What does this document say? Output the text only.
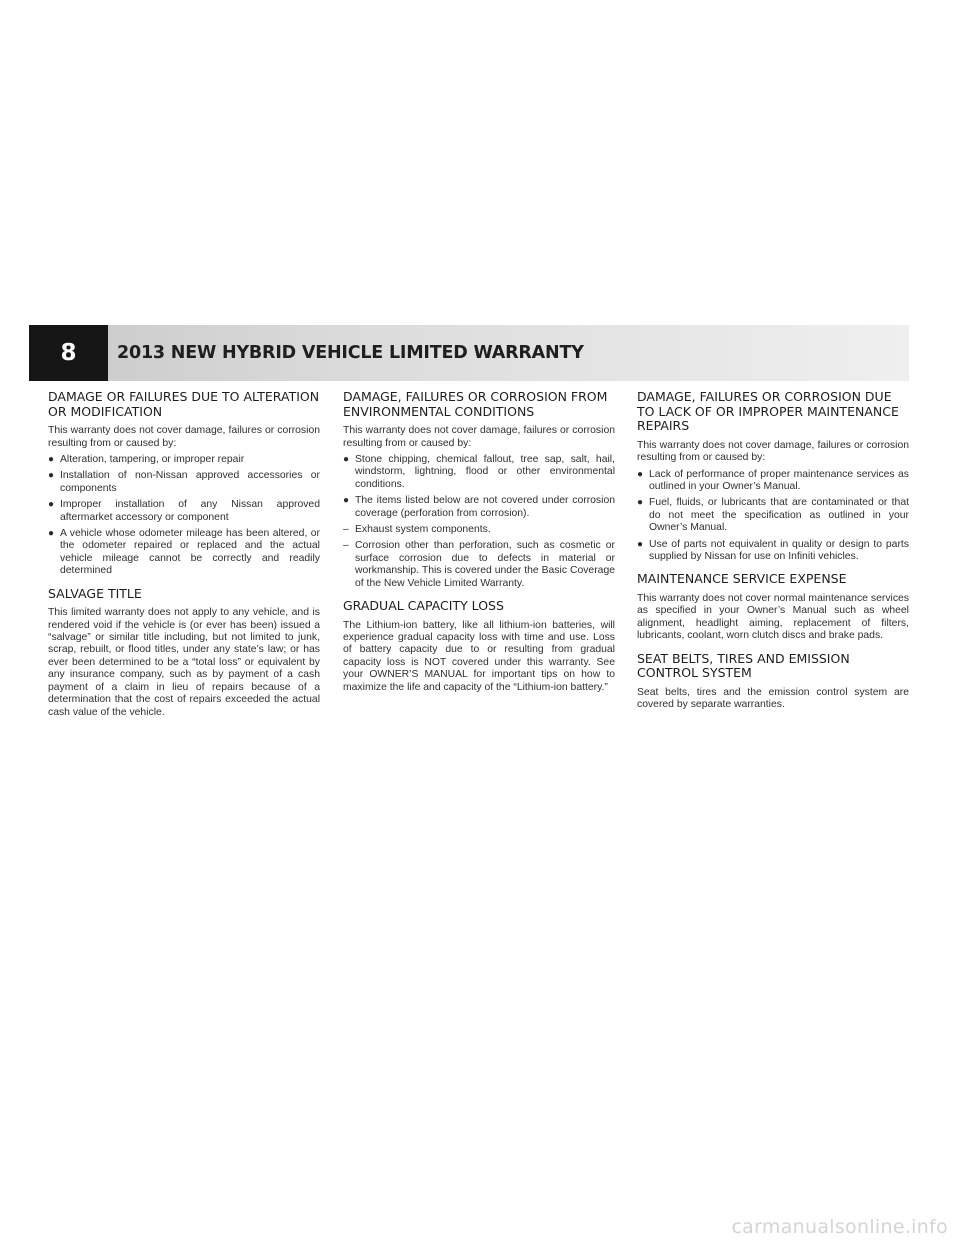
8	2013 NEW HYBRID VEHICLE LIMITED WARRANTY
DAMAGE OR FAILURES DUE TO ALTERATION OR MODIFICATION

This warranty does not cover damage, failures or corrosion resulting from or caused by:

● Alteration, tampering, or improper repair
● Installation of non-Nissan approved accessories or components
● Improper installation of any Nissan approved aftermarket accessory or component
● A vehicle whose odometer mileage has been altered, or the odometer repaired or replaced and the actual vehicle mileage cannot be correctly and readily determined
SALVAGE TITLE

This limited warranty does not apply to any vehicle, and is rendered void if the vehicle is (or ever has been) issued a “salvage” or similar title including, but not limited to junk, scrap, rebuilt, or flood titles, under any state’s law; or has ever been determined to be a “total loss” or equivalent by any insurance company, such as by payment of a cash payment of a claim in lieu of repairs because of a determination that the cost of repairs exceeded the actual cash value of the vehicle.

DAMAGE, FAILURES OR CORROSION FROM ENVIRONMENTAL CONDITIONS

This warranty does not cover damage, failures or corrosion resulting from or caused by:

● Stone chipping, chemical fallout, tree sap, salt, hail, windstorm, lightning, flood or other environmental conditions.
● The items listed below are not covered under corrosion coverage (perforation from corrosion).
– Exhaust system components.
– Corrosion other than perforation, such as cosmetic or surface corrosion due to defects in material or workmanship. This is covered under the Basic Coverage of the New Vehicle Limited Warranty.
GRADUAL CAPACITY LOSS

The Lithium-ion battery, like all lithium-ion batteries, will experience gradual capacity loss with time and use. Loss of battery capacity due to or resulting from gradual capacity loss is NOT covered under this warranty. See your OWNER’S MANUAL for important tips on how to maximize the life and capacity of the “Lithium-ion battery.”

DAMAGE, FAILURES OR CORROSION DUE TO LACK OF OR IMPROPER MAINTENANCE REPAIRS

This warranty does not cover damage, failures or corrosion resulting from or caused by:

● Lack of performance of proper maintenance services as outlined in your Owner’s Manual.
● Fuel, fluids, or lubricants that are contaminated or that do not meet the specification as outlined in your Owner’s Manual.
● Use of parts not equivalent in quality or design to parts supplied by Nissan for use on Infiniti vehicles.
MAINTENANCE SERVICE EXPENSE

This warranty does not cover normal maintenance services as specified in your Owner’s Manual such as wheel alignment, headlight aiming, replacement of filters, lubricants, coolant, worn clutch discs and brake pads.

SEAT BELTS, TIRES AND EMISSION CONTROL SYSTEM

Seat belts, tires and the emission control system are covered by separate warranties.

carmanualsonline.info
